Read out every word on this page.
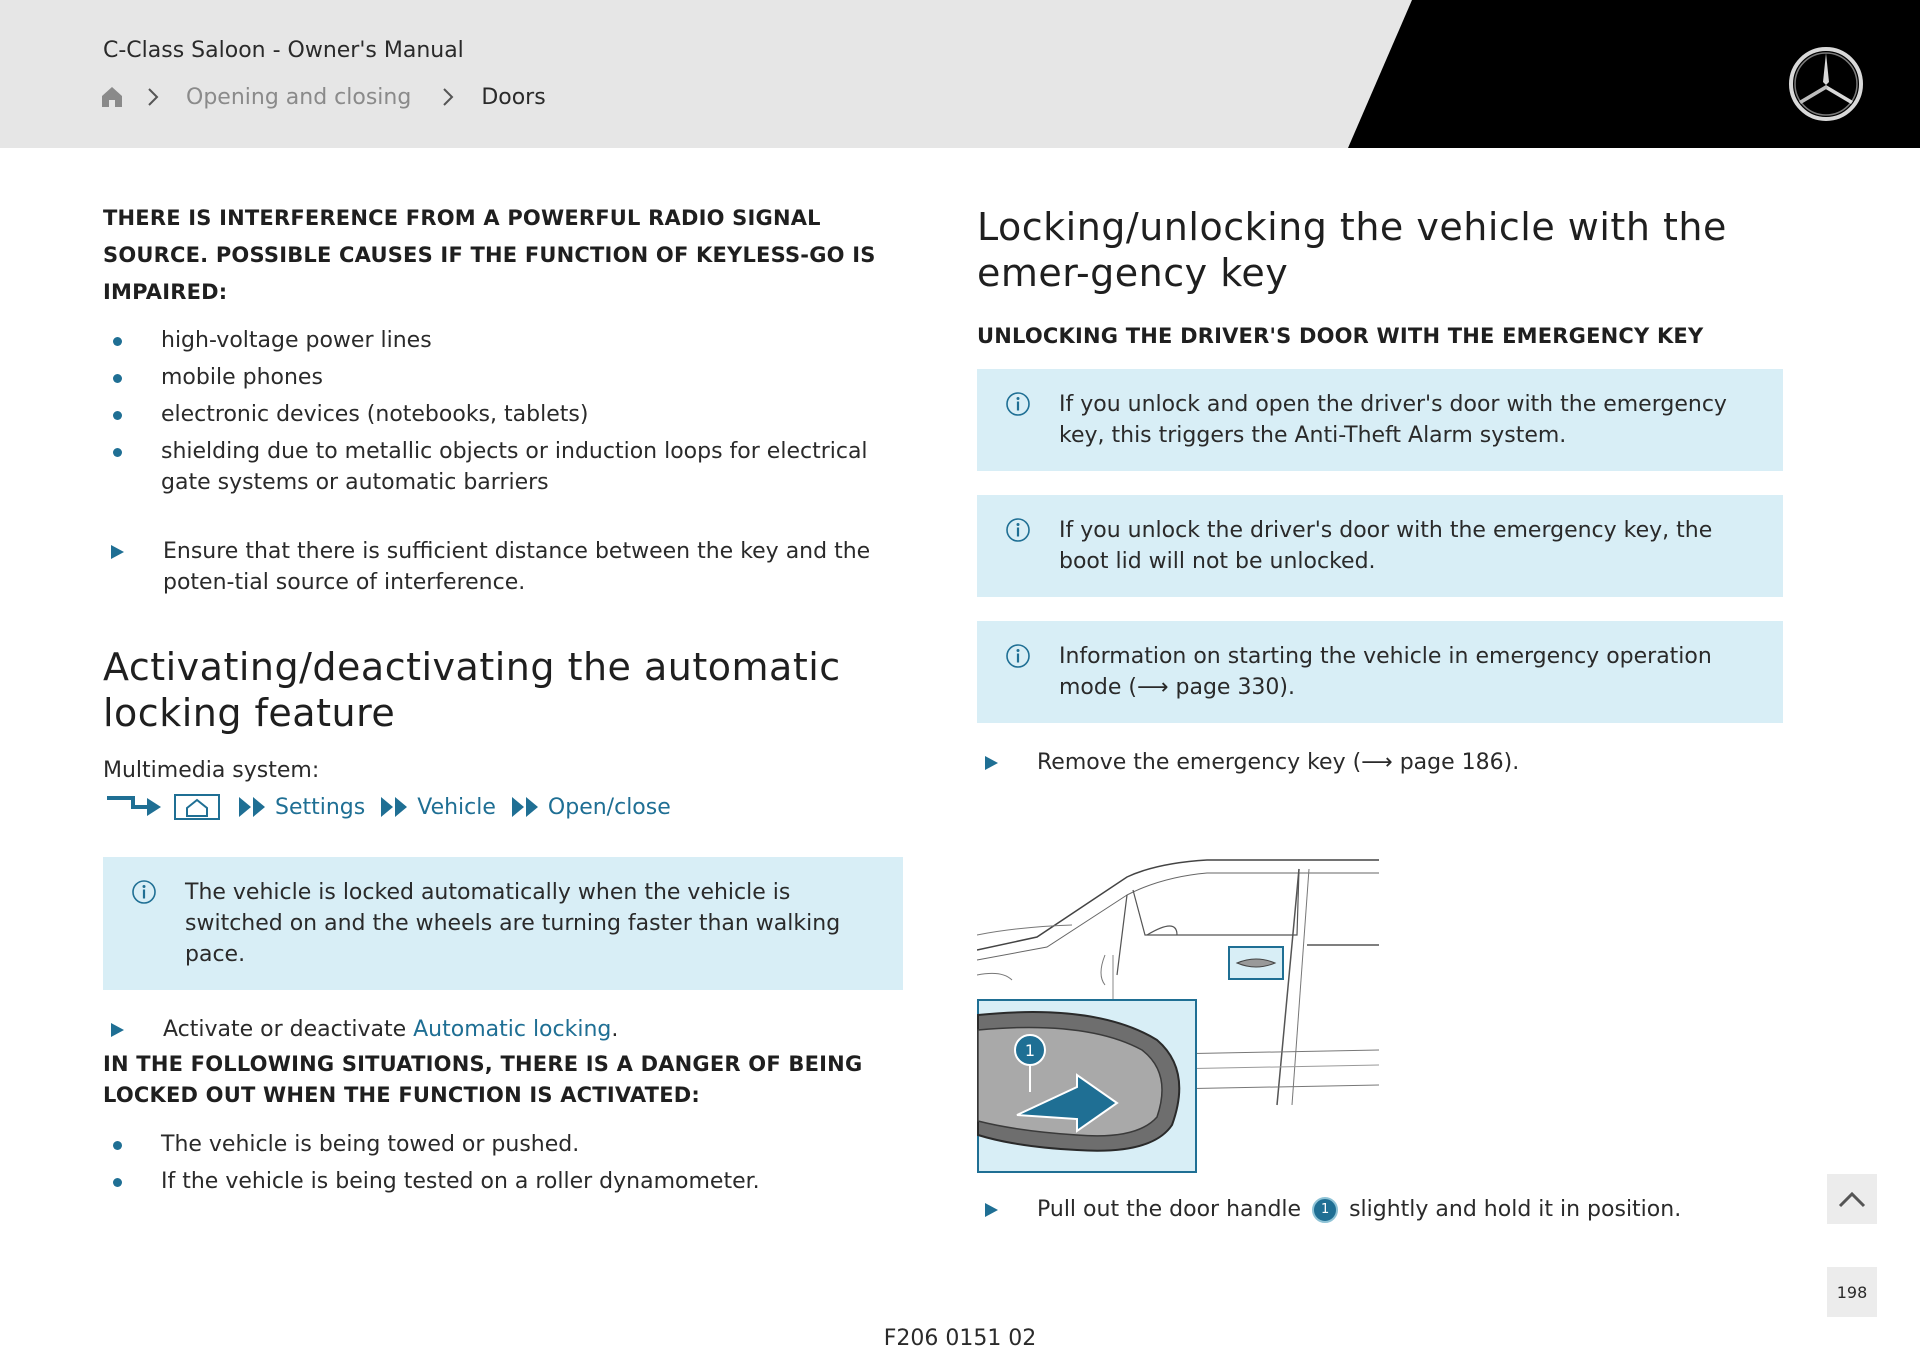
C-Class Saloon - Owner's Manual
Opening and closing	Doors
THERE IS INTERFERENCE FROM A POWERFUL RADIO SIGNAL SOURCE. POSSIBLE CAUSES IF THE FUNCTION OF KEYLESS-GO IS IMPAIRED:
high-voltage power lines
mobile phones
electronic devices (notebooks, tablets)
shielding due to metallic objects or induction loops for electrical gate systems or automatic barriers
Ensure that there is sufficient distance between the key and the poten-tial source of interference.
Activating/deactivating the automatic locking feature
Multimedia system:
Settings Vehicle Open/close
The vehicle is locked automatically when the vehicle is switched on and the wheels are turning faster than walking pace.
Activate or deactivate Automatic locking.
IN THE FOLLOWING SITUATIONS, THERE IS A DANGER OF BEING LOCKED OUT WHEN THE FUNCTION IS ACTIVATED:
The vehicle is being towed or pushed.
If the vehicle is being tested on a roller dynamometer.
Locking/unlocking the vehicle with the emer-gency key
UNLOCKING THE DRIVER'S DOOR WITH THE EMERGENCY KEY
If you unlock and open the driver's door with the emergency key, this triggers the Anti-Theft Alarm system.
If you unlock the driver's door with the emergency key, the boot lid will not be unlocked.
Information on starting the vehicle in emergency operation mode (⟶ page 330).
Remove the emergency key (⟶ page 186).
1
Pull out the door handle 1 slightly and hold it in position.
198
F206 0151 02
